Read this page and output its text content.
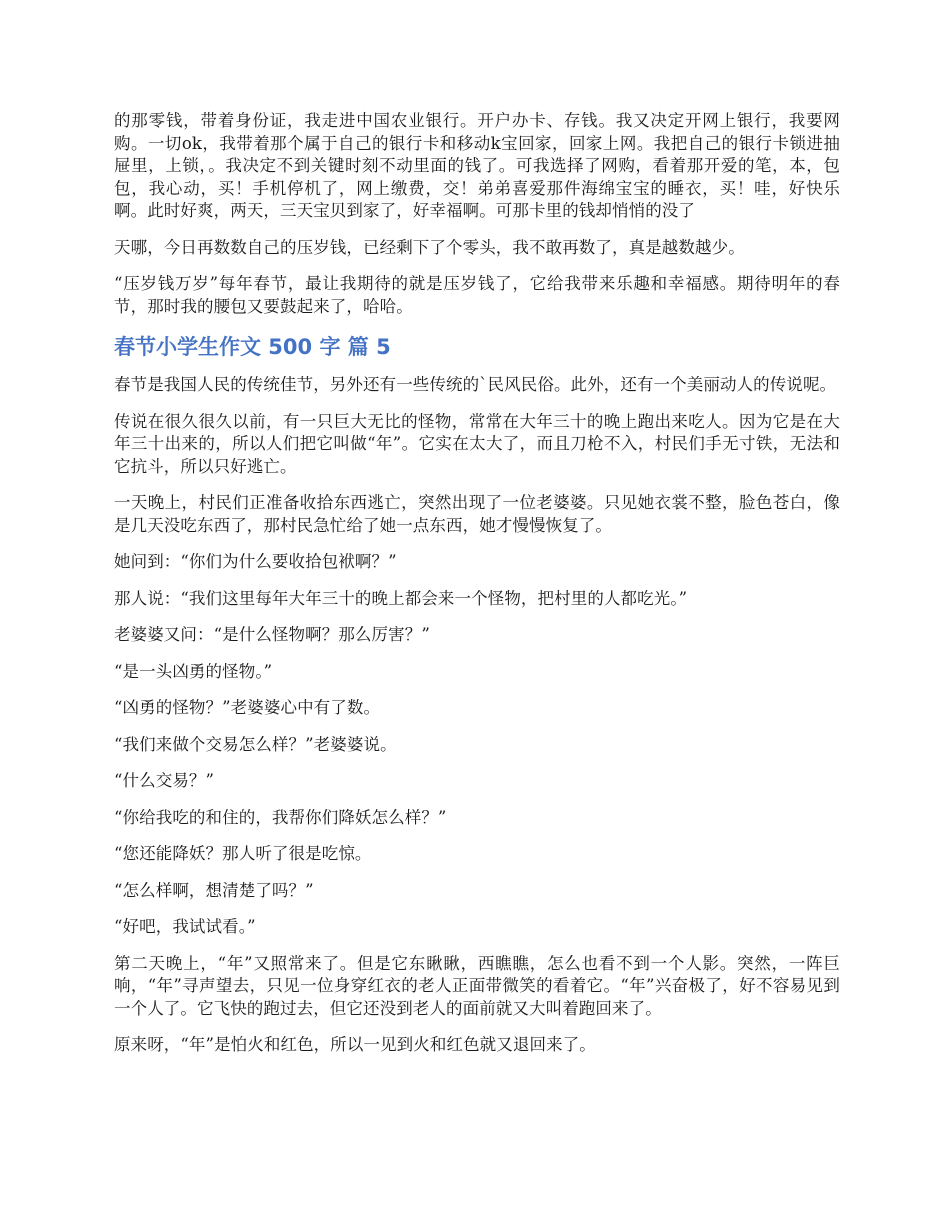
的那零钱，带着身份证，我走进中国农业银行。开户办卡、存钱。我又决定开网上银行，我要网购。一切ok，我带着那个属于自己的银行卡和移动k宝回家，回家上网。我把自己的银行卡锁进抽屉里，上锁，。我决定不到关键时刻不动里面的钱了。可我选择了网购，看着那开爱的笔，本，包包，我心动，买！手机停机了，网上缴费，交！弟弟喜爱那件海绵宝宝的睡衣，买！哇，好快乐啊。此时好爽，两天，三天宝贝到家了，好幸福啊。可那卡里的钱却悄悄的没了

天哪，今日再数数自己的压岁钱，已经剩下了个零头，我不敢再数了，真是越数越少。

“压岁钱万岁”每年春节，最让我期待的就是压岁钱了，它给我带来乐趣和幸福感。期待明年的春节，那时我的腰包又要鼓起来了，哈哈。

春节小学生作文 500 字 篇 5

春节是我国人民的传统佳节，另外还有一些传统的`民风民俗。此外，还有一个美丽动人的传说呢。

传说在很久很久以前，有一只巨大无比的怪物，常常在大年三十的晚上跑出来吃人。因为它是在大年三十出来的，所以人们把它叫做“年”。它实在太大了，而且刀枪不入，村民们手无寸铁，无法和它抗斗，所以只好逃亡。

一天晚上，村民们正准备收拾东西逃亡，突然出现了一位老婆婆。只见她衣裳不整，脸色苍白，像是几天没吃东西了，那村民急忙给了她一点东西，她才慢慢恢复了。

她问到：“你们为什么要收拾包袱啊？”

那人说：“我们这里每年大年三十的晚上都会来一个怪物，把村里的人都吃光。”

老婆婆又问：“是什么怪物啊？那么厉害？”

“是一头凶勇的怪物。”

“凶勇的怪物？”老婆婆心中有了数。

“我们来做个交易怎么样？”老婆婆说。

“什么交易？”

“你给我吃的和住的，我帮你们降妖怎么样？”

“您还能降妖？那人听了很是吃惊。

“怎么样啊，想清楚了吗？”

“好吧，我试试看。”

第二天晚上，“年”又照常来了。但是它东瞅瞅，西瞧瞧，怎么也看不到一个人影。突然，一阵巨响，“年”寻声望去，只见一位身穿红衣的老人正面带微笑的看着它。“年”兴奋极了，好不容易见到一个人了。它飞快的跑过去，但它还没到老人的面前就又大叫着跑回来了。

原来呀，“年”是怕火和红色，所以一见到火和红色就又退回来了。
